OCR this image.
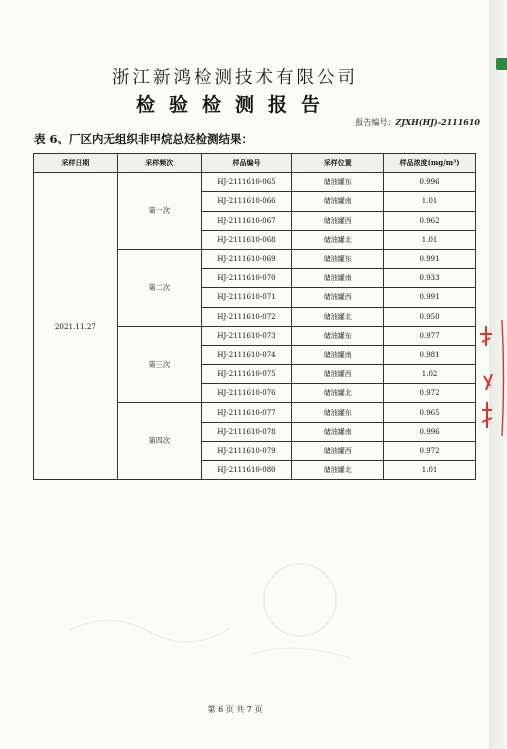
浙江新鸿检测技术有限公司
检验检测报告
报告编号：ZJXH(HJ)-2111610
表 6、厂区内无组织非甲烷总烃检测结果：
采样日期	采样频次	样品编号	采样位置	样品浓度(mg/m³)
2021.11.27	第一次	HJ-2111610-065	储油罐东	0.996
		HJ-2111610-066	储油罐南	1.01
		HJ-2111610-067	储油罐西	0.962
		HJ-2111610-068	储油罐北	1.01
	第二次	HJ-2111610-069	储油罐东	0.991
		HJ-2111610-070	储油罐南	0.933
		HJ-2111610-071	储油罐西	0.991
		HJ-2111610-072	储油罐北	0.950
	第三次	HJ-2111610-073	储油罐东	0.977
		HJ-2111610-074	储油罐南	0.981
		HJ-2111610-075	储油罐西	1.02
		HJ-2111610-076	储油罐北	0.972
	第四次	HJ-2111610-077	储油罐东	0.965
		HJ-2111610-078	储油罐南	0.996
		HJ-2111610-079	储油罐西	0.972
		HJ-2111610-080	储油罐北	1.01
第 6 页 共 7 页
